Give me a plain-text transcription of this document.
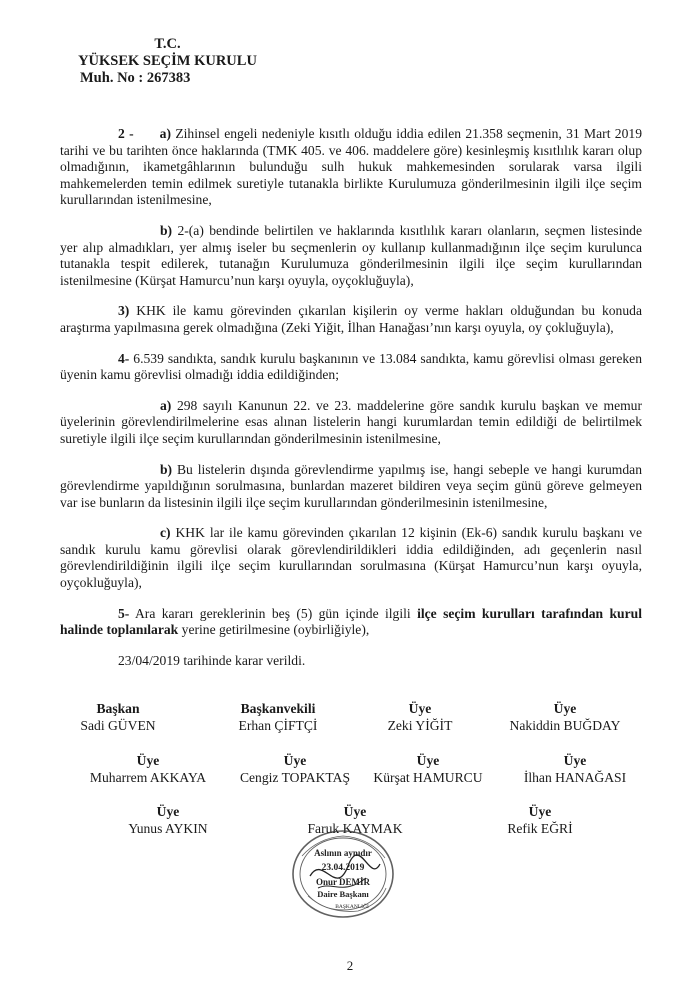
T.C.
YÜKSEK SEÇİM KURULU
Muh. No : 267383

2 - a) Zihinsel engeli nedeniyle kısıtlı olduğu iddia edilen 21.358 seçmenin, 31 Mart 2019 tarihi ve bu tarihten önce haklarında (TMK 405. ve 406. maddelere göre) kesinleşmiş kısıtlılık kararı olup olmadığının, ikametgâhlarının bulunduğu sulh hukuk mahkemesinden sorularak varsa ilgili mahkemelerden temin edilmek suretiyle tutanakla birlikte Kurulumuza gönderilmesinin ilgili ilçe seçim kurullarından istenilmesine,

b) 2-(a) bendinde belirtilen ve haklarında kısıtlılık kararı olanların, seçmen listesinde yer alıp almadıkları, yer almış iseler bu seçmenlerin oy kullanıp kullanmadığının ilçe seçim kurulunca tutanakla tespit edilerek, tutanağın Kurulumuza gönderilmesinin ilgili ilçe seçim kurullarından istenilmesine (Kürşat Hamurcu’nun karşı oyuyla, oyçokluğuyla),

3) KHK ile kamu görevinden çıkarılan kişilerin oy verme hakları olduğundan bu konuda araştırma yapılmasına gerek olmadığına (Zeki Yiğit, İlhan Hanağası’nın karşı oyuyla, oy çokluğuyla),

4- 6.539 sandıkta, sandık kurulu başkanının ve 13.084 sandıkta, kamu görevlisi olması gereken üyenin kamu görevlisi olmadığı iddia edildiğinden;

a) 298 sayılı Kanunun 22. ve 23. maddelerine göre sandık kurulu başkan ve memur üyelerinin görevlendirilmelerine esas alınan listelerin hangi kurumlardan temin edildiği de belirtilmek suretiyle ilgili ilçe seçim kurullarından gönderilmesinin istenilmesine,

b) Bu listelerin dışında görevlendirme yapılmış ise, hangi sebeple ve hangi kurumdan görevlendirme yapıldığının sorulmasına, bunlardan mazeret bildiren veya seçim günü göreve gelmeyen var ise bunların da listesinin ilgili ilçe seçim kurullarından gönderilmesinin istenilmesine,

c) KHK lar ile kamu görevinden çıkarılan 12 kişinin (Ek-6) sandık kurulu başkanı ve sandık kurulu kamu görevlisi olarak görevlendirildikleri iddia edildiğinden, adı geçenlerin nasıl görevlendirildiğinin ilgili ilçe seçim kurullarından sorulmasına (Kürşat Hamurcu’nun karşı oyuyla, oyçokluğuyla),

5- Ara kararı gereklerinin beş (5) gün içinde ilgili ilçe seçim kurulları tarafından kurul halinde toplanılarak yerine getirilmesine (oybirliğiyle),

23/04/2019 tarihinde karar verildi.

Başkan
Sadi GÜVEN
Başkanvekili
Erhan ÇİFTÇİ
Üye
Zeki YİĞİT
Üye
Nakiddin BUĞDAY
Üye
Muharrem AKKAYA
Üye
Cengiz TOPAKTAŞ
Üye
Kürşat HAMURCU
Üye
İlhan HANAĞASI
Üye
Yunus AYKIN
Üye
Faruk KAYMAK
Üye
Refik EĞRİ
Aslının aynıdır
23.04.2019
Onur DEMİR
Daire Başkanı
BAŞKANLIĞI
2
